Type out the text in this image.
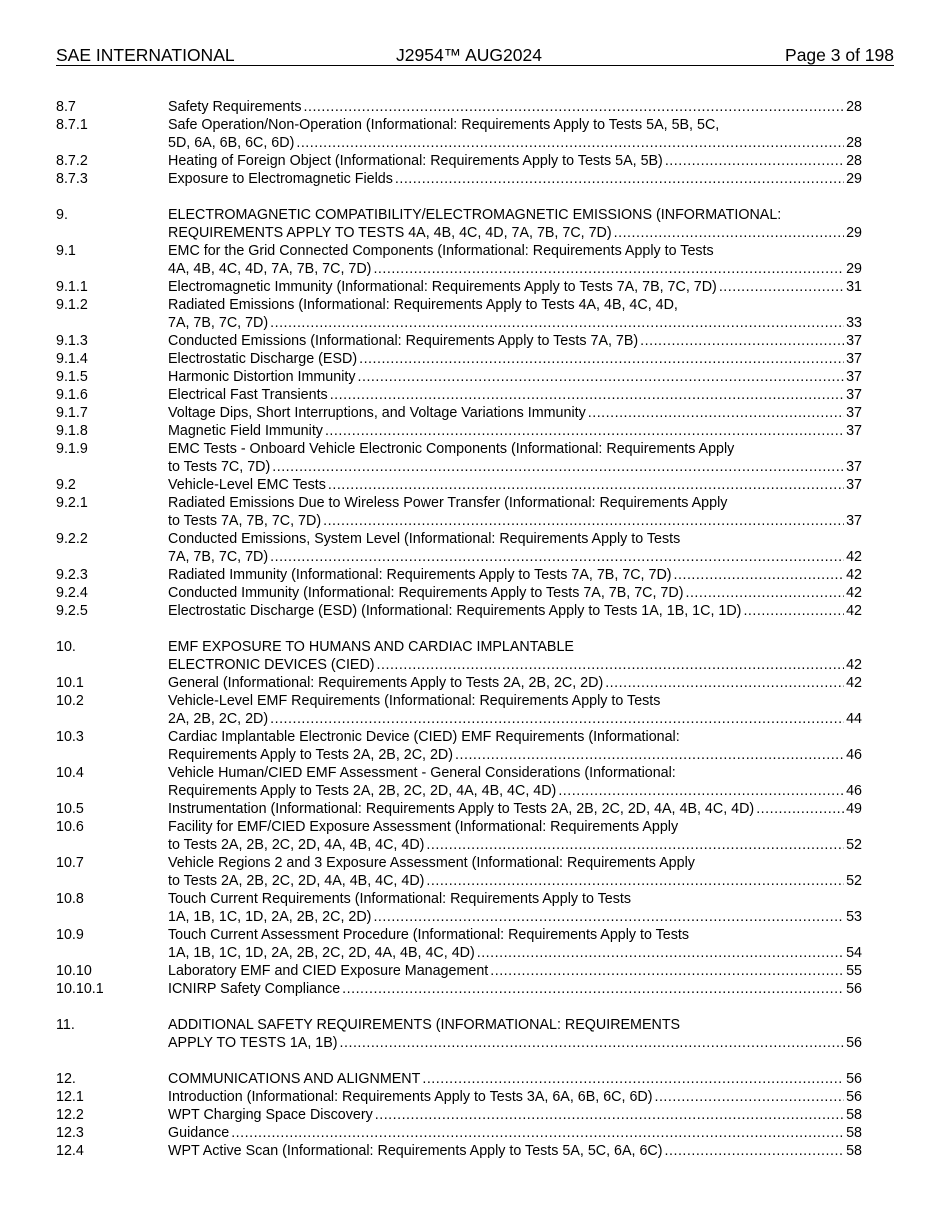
SAE INTERNATIONAL	J2954™ AUG2024	Page 3 of 198
8.7	Safety Requirements .....	28
8.7.1	Safe Operation/Non-Operation (Informational: Requirements Apply to Tests 5A, 5B, 5C,
5D, 6A, 6B, 6C, 6D) .....	28
8.7.2	Heating of Foreign Object (Informational: Requirements Apply to Tests 5A, 5B) .....	28
8.7.3	Exposure to Electromagnetic Fields .....	29
9.	ELECTROMAGNETIC COMPATIBILITY/ELECTROMAGNETIC EMISSIONS (INFORMATIONAL:
REQUIREMENTS APPLY TO TESTS 4A, 4B, 4C, 4D, 7A, 7B, 7C, 7D) .....	29
9.1	EMC for the Grid Connected Components (Informational: Requirements Apply to Tests
4A, 4B, 4C, 4D, 7A, 7B, 7C, 7D) .....	29
9.1.1	Electromagnetic Immunity (Informational: Requirements Apply to Tests 7A, 7B, 7C, 7D) .....	31
9.1.2	Radiated Emissions (Informational: Requirements Apply to Tests 4A, 4B, 4C, 4D,
7A, 7B, 7C, 7D) .....	33
9.1.3	Conducted Emissions (Informational: Requirements Apply to Tests 7A, 7B) .....	37
9.1.4	Electrostatic Discharge (ESD) .....	37
9.1.5	Harmonic Distortion Immunity .....	37
9.1.6	Electrical Fast Transients .....	37
9.1.7	Voltage Dips, Short Interruptions, and Voltage Variations Immunity .....	37
9.1.8	Magnetic Field Immunity .....	37
9.1.9	EMC Tests - Onboard Vehicle Electronic Components (Informational: Requirements Apply
to Tests 7C, 7D) .....	37
9.2	Vehicle-Level EMC Tests .....	37
9.2.1	Radiated Emissions Due to Wireless Power Transfer (Informational: Requirements Apply
to Tests 7A, 7B, 7C, 7D) .....	37
9.2.2	Conducted Emissions, System Level (Informational: Requirements Apply to Tests
7A, 7B, 7C, 7D) .....	42
9.2.3	Radiated Immunity (Informational: Requirements Apply to Tests 7A, 7B, 7C, 7D) .....	42
9.2.4	Conducted Immunity (Informational: Requirements Apply to Tests 7A, 7B, 7C, 7D) .....	42
9.2.5	Electrostatic Discharge (ESD) (Informational: Requirements Apply to Tests 1A, 1B, 1C, 1D) .....	42
10.	EMF EXPOSURE TO HUMANS AND CARDIAC IMPLANTABLE
ELECTRONIC DEVICES (CIED) .....	42
10.1	General (Informational: Requirements Apply to Tests 2A, 2B, 2C, 2D) .....	42
10.2	Vehicle-Level EMF Requirements (Informational: Requirements Apply to Tests
2A, 2B, 2C, 2D) .....	44
10.3	Cardiac Implantable Electronic Device (CIED) EMF Requirements (Informational:
Requirements Apply to Tests 2A, 2B, 2C, 2D) .....	46
10.4	Vehicle Human/CIED EMF Assessment - General Considerations (Informational:
Requirements Apply to Tests 2A, 2B, 2C, 2D, 4A, 4B, 4C, 4D) .....	46
10.5	Instrumentation (Informational: Requirements Apply to Tests 2A, 2B, 2C, 2D, 4A, 4B, 4C, 4D) .....	49
10.6	Facility for EMF/CIED Exposure Assessment (Informational: Requirements Apply
to Tests 2A, 2B, 2C, 2D, 4A, 4B, 4C, 4D) .....	52
10.7	Vehicle Regions 2 and 3 Exposure Assessment (Informational: Requirements Apply
to Tests 2A, 2B, 2C, 2D, 4A, 4B, 4C, 4D) .....	52
10.8	Touch Current Requirements (Informational: Requirements Apply to Tests
1A, 1B, 1C, 1D, 2A, 2B, 2C, 2D) .....	53
10.9	Touch Current Assessment Procedure (Informational: Requirements Apply to Tests
1A, 1B, 1C, 1D, 2A, 2B, 2C, 2D, 4A, 4B, 4C, 4D) .....	54
10.10	Laboratory EMF and CIED Exposure Management .....	55
10.10.1	ICNIRP Safety Compliance .....	56
11.	ADDITIONAL SAFETY REQUIREMENTS (INFORMATIONAL: REQUIREMENTS
APPLY TO TESTS 1A, 1B) .....	56
12.	COMMUNICATIONS AND ALIGNMENT .....	56
12.1	Introduction (Informational: Requirements Apply to Tests 3A, 6A, 6B, 6C, 6D) .....	56
12.2	WPT Charging Space Discovery .....	58
12.3	Guidance .....	58
12.4	WPT Active Scan (Informational: Requirements Apply to Tests 5A, 5C, 6A, 6C) .....	58
